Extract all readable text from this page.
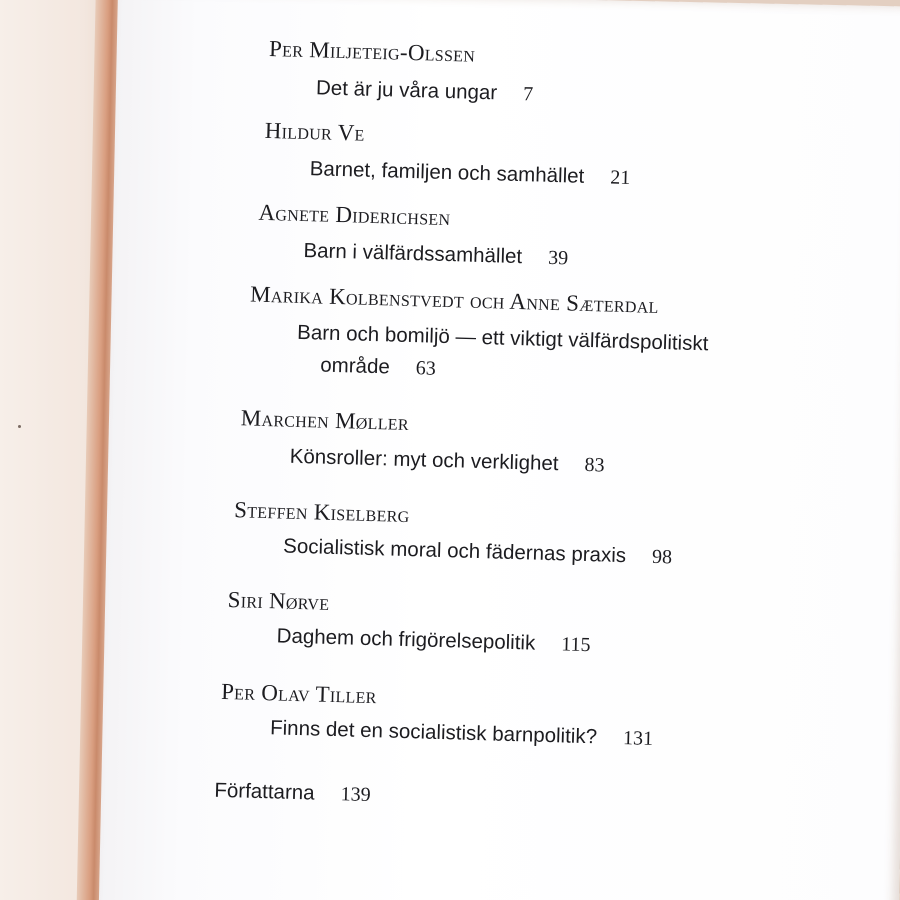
Per Miljeteig-Olssen
Det är ju våra ungar 7
Hildur Ve
Barnet, familjen och samhället 21
Agnete Diderichsen
Barn i välfärdssamhället 39
Marika Kolbenstvedt och Anne Sæterdal
Barn och bomiljö — ett viktigt välfärdspolitiskt
område 63
Marchen Møller
Könsroller: myt och verklighet 83
Steffen Kiselberg
Socialistisk moral och fädernas praxis 98
Siri Nørve
Daghem och frigörelsepolitik 115
Per Olav Tiller
Finns det en socialistisk barnpolitik? 131
Författarna 139
